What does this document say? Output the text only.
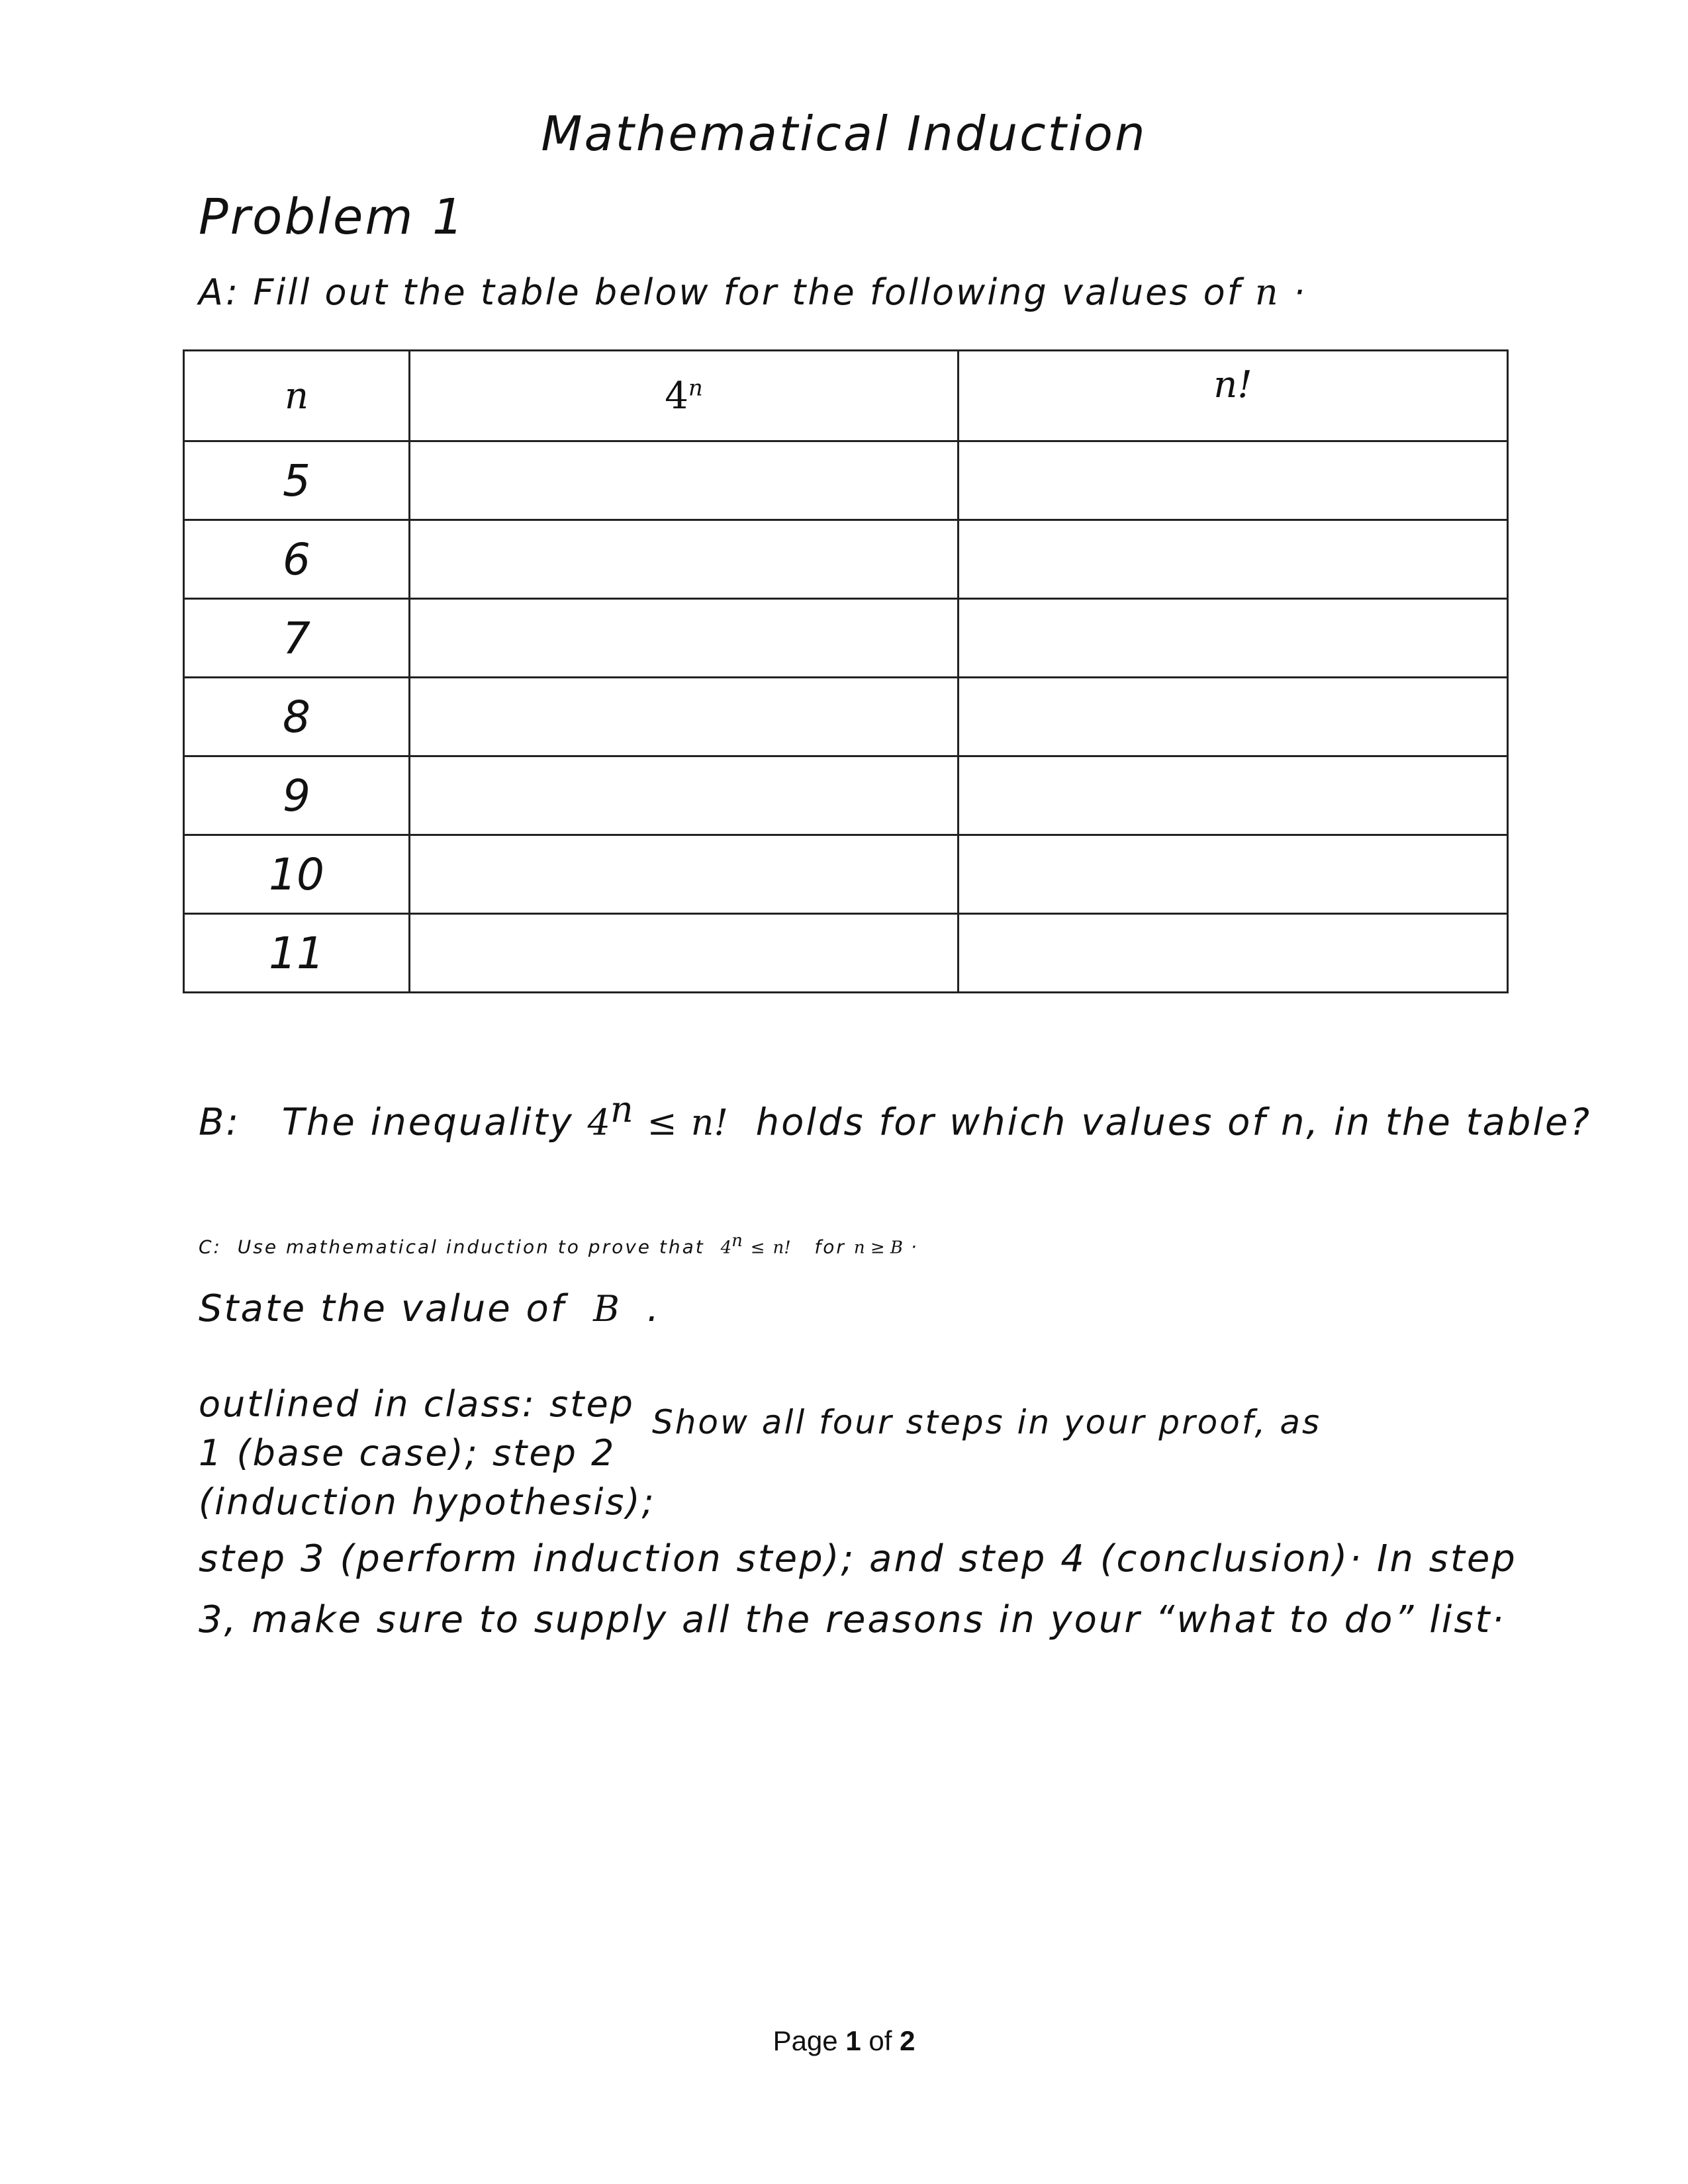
Mathematical Induction
Problem 1
A: Fill out the table below for the following values of n ·
n	4$^n$	n!
5		
6		
7		
8		
9		
10		
11		
B: The inequality $4^n \le n$! holds for which values of n, in the table?
C: Use mathematical induction to prove that $4^n \le n$! for n ≥ B ·
State the value of B .
outlined in class: step
1 (base case); step 2
(induction hypothesis);
Show all four steps in your proof, as
step 3 (perform induction step); and step 4 (conclusion)· In step
3, make sure to supply all the reasons in your “what to do” list·
Page 1 of 2
